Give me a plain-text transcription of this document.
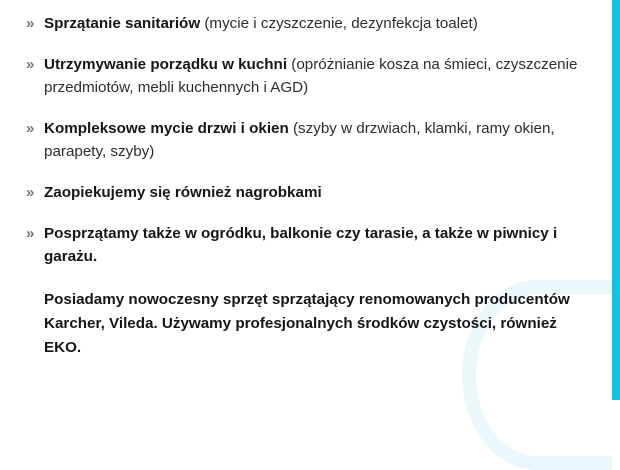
» Sprzątanie sanitariów (mycie i czyszczenie, dezynfekcja toalet)
» Utrzymywanie porządku w kuchni (opróżnianie kosza na śmieci, czyszczenie przedmiotów, mebli kuchennych i AGD)
» Kompleksowe mycie drzwi i okien (szyby w drzwiach, klamki, ramy okien, parapety, szyby)
» Zaopiekujemy się również nagrobkami
» Posprzątamy także w ogródku, balkonie czy tarasie, a także w piwnicy i garażu.

Posiadamy nowoczesny sprzęt sprzątający renomowanych producentów Karcher, Vileda. Używamy profesjonalnych środków czystości, również EKO.
